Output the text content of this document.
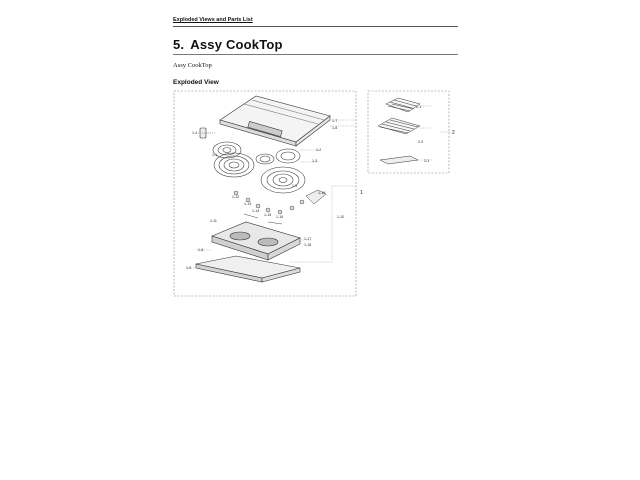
Exploded Views and Parts List
5. Assy CookTop
Assy CookTop
Exploded View
1-7
1-8
1-4
1-2
1-3
1-5
1-1
1-12
1-13
1-14
1-15 1-16
1-17
1-18
1-19
1-10
1-11
1-6
1-9
1
2-1
2-2
2-3
2
